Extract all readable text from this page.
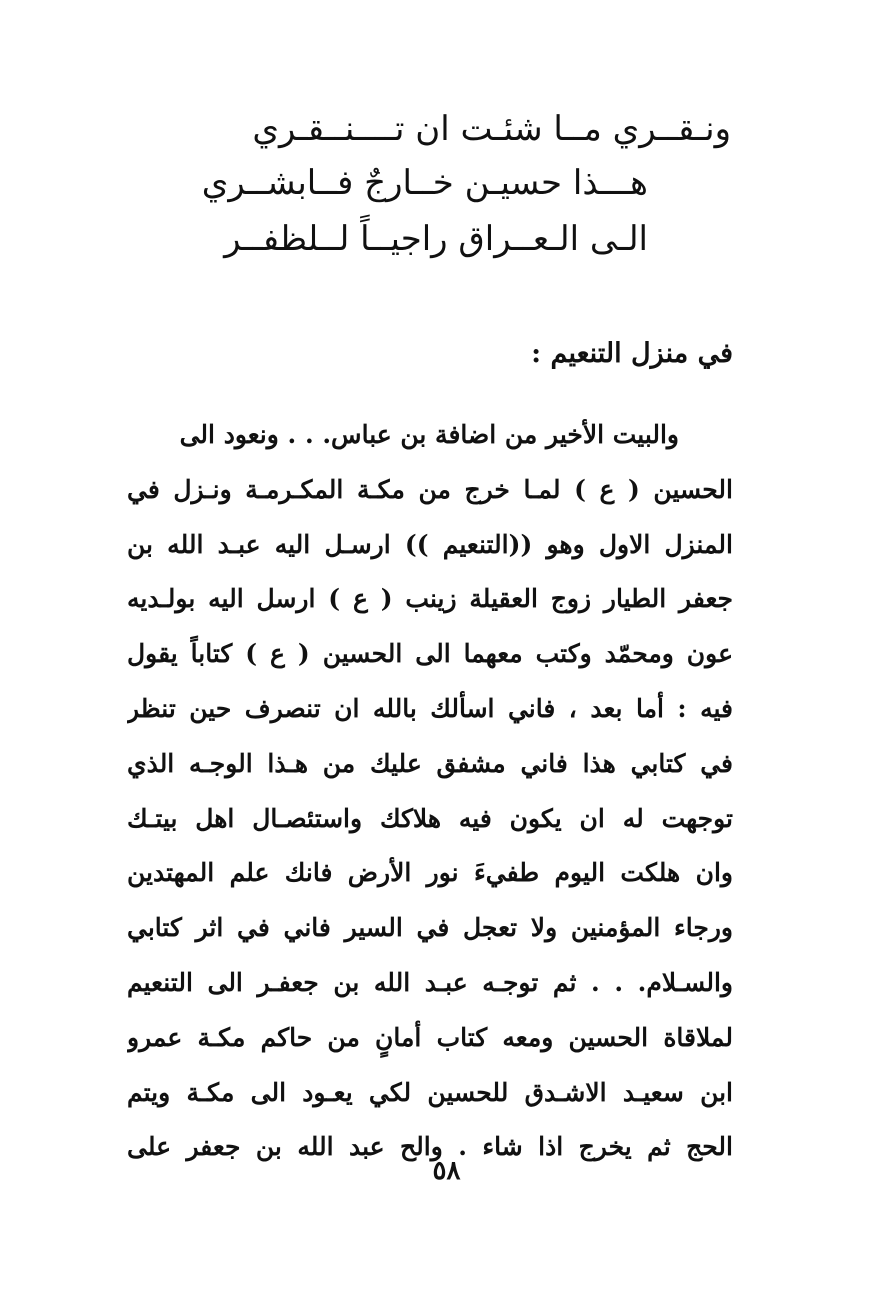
ونـقــري مــا شئـت ان تــــنــقـري
هـــذا حسيـن خــارجٌ فــابشــري
الـى الـعــراق راجيــاً لــلظفــر
في منزل التنعيم :
والبيت الأخير من اضافة بن عباس. . . ونعود الى
الحسين ( ع ) لمـا خرج من مكـة المكـرمـة ونـزل في
المنزل الاول وهو ((التنعيم )) ارسـل اليه عبـد الله بن
جعفر الطيار زوج العقيلة زينب ( ع ) ارسل اليه بولـديه
عون ومحمّد وكتب معهما الى الحسين ( ع ) كتاباً يقول
فيه : أما بعد ، فاني اسألك بالله ان تنصرف حين تنظر
في كتابي هذا فاني مشفق عليك من هـذا الوجـه الذي
توجهت له ان يكون فيه هلاكك واستئصـال اهل بيتـك
وان هلكت اليوم طفيءَ نور الأرض فانك علم المهتدين
ورجاء المؤمنين ولا تعجل في السير فاني في اثر كتابي
والسـلام. . . ثم توجـه عبـد الله بن جعفـر الى التنعيم
لملاقاة الحسين ومعه كتاب أمانٍ من حاكم مكـة عمرو
ابن سعيـد الاشـدق للحسين لكي يعـود الى مكـة ويتم
الحج ثم يخرج اذا شاء . والح عبد الله بن جعفر على
٥٨
